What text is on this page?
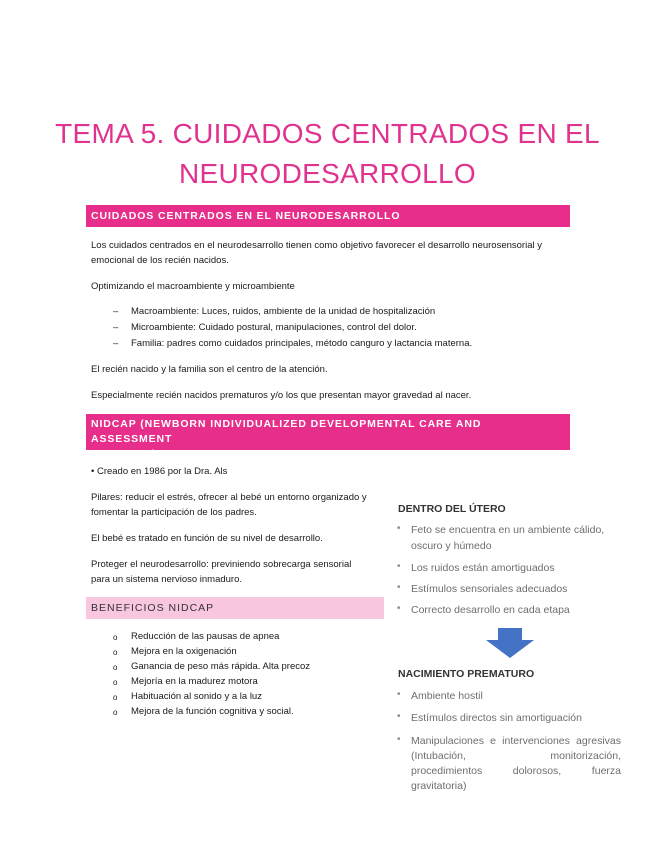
TEMA 5. CUIDADOS CENTRADOS EN EL
NEURODESARROLLO
CUIDADOS CENTRADOS EN EL NEURODESARROLLO
Los cuidados centrados en el neurodesarrollo tienen como objetivo favorecer el desarrollo neurosensorial y
emocional de los recién nacidos.
Optimizando el macroambiente y microambiente
– Macroambiente: Luces, ruidos, ambiente de la unidad de hospitalización
– Microambiente: Cuidado postural, manipulaciones, control del dolor.
– Familia: padres como cuidados principales, método canguro y lactancia materna.
El recién nacido y la familia son el centro de la atención.
Especialmente recién nacidos prematuros y/o los que presentan mayor gravedad al nacer.
NIDCAP (NEWBORN INDIVIDUALIZED DEVELOPMENTAL CARE AND ASSESSMENT
PROGRAM)
• Creado en 1986 por la Dra. Als
Pilares: reducir el estrés, ofrecer al bebé un entorno organizado y
fomentar la participación de los padres.
El bebé es tratado en función de su nivel de desarrollo.
Proteger el neurodesarrollo: previniendo sobrecarga sensorial
para un sistema nervioso inmaduro.
BENEFICIOS NIDCAP
o Reducción de las pausas de apnea
o Mejora en la oxigenación
o Ganancia de peso más rápida. Alta precoz
o Mejoría en la madurez motora
o Habituación al sonido y a la luz
o Mejora de la función cognitiva y social.
DENTRO DEL ÚTERO
• Feto se encuentra en un ambiente cálido,
oscuro y húmedo
• Los ruidos están amortiguados
• Estímulos sensoriales adecuados
• Correcto desarrollo en cada etapa
NACIMIENTO PREMATURO
• Ambiente hostil
• Estímulos directos sin amortiguación
• Manipulaciones e intervenciones agresivas
(Intubación, monitorización,
procedimientos dolorosos, fuerza
gravitatoria)
